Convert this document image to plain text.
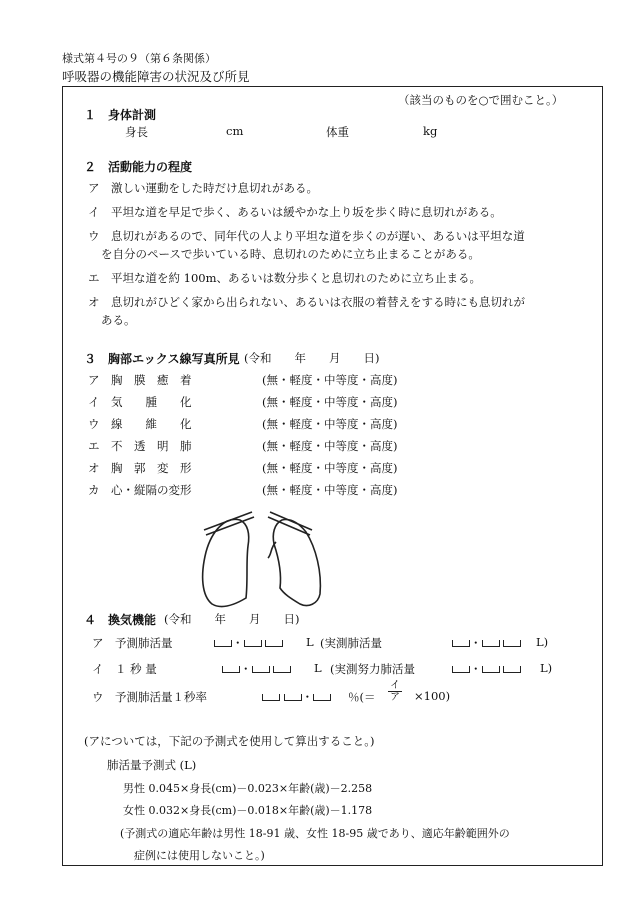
様式第４号の９（第６条関係）
呼吸器の機能障害の状況及び所見
（該当のものを○で囲むこと。）
１　身体計測
身長	cm	体重	kg
２　活動能力の程度
ア　激しい運動をした時だけ息切れがある。
イ　平坦な道を早足で歩く、あるいは緩やかな上り坂を歩く時に息切れがある。
ウ　息切れがあるので、同年代の人より平坦な道を歩くのが遅い、あるいは平坦な道
を自分のペースで歩いている時、息切れのために立ち止まることがある。
エ　平坦な道を約 100m、あるいは数分歩くと息切れのために立ち止まる。
オ　息切れがひどく家から出られない、あるいは衣服の着替えをする時にも息切れが
ある。
３　胸部エックス線写真所見 (令和　　年　　月　　日)
ア　胸　膜　癒　着	(無・軽度・中等度・高度)
イ　気　　腫　　化	(無・軽度・中等度・高度)
ウ　線　　維　　化	(無・軽度・中等度・高度)
エ　不　透　明　肺	(無・軽度・中等度・高度)
オ　胸　郭　変　形	(無・軽度・中等度・高度)
カ　心・縦隔の変形	(無・軽度・中等度・高度)
４　換気機能 (令和　　年　　月　　日)
ア　予測肺活量	・	L (実測肺活量	・	L)
イ　１ 秒 量	・	L (実測努力肺活量	・	L)
ウ　予測肺活量１秒率	・	％(＝
イ
ア ×100)
(アについては，下記の予測式を使用して算出すること。)
肺活量予測式 (L)
男性 0.045×身長(cm)－0.023×年齢(歳)－2.258
女性 0.032×身長(cm)－0.018×年齢(歳)－1.178
(予測式の適応年齢は男性 18-91 歳、女性 18-95 歳であり、適応年齢範囲外の
症例には使用しないこと。)
